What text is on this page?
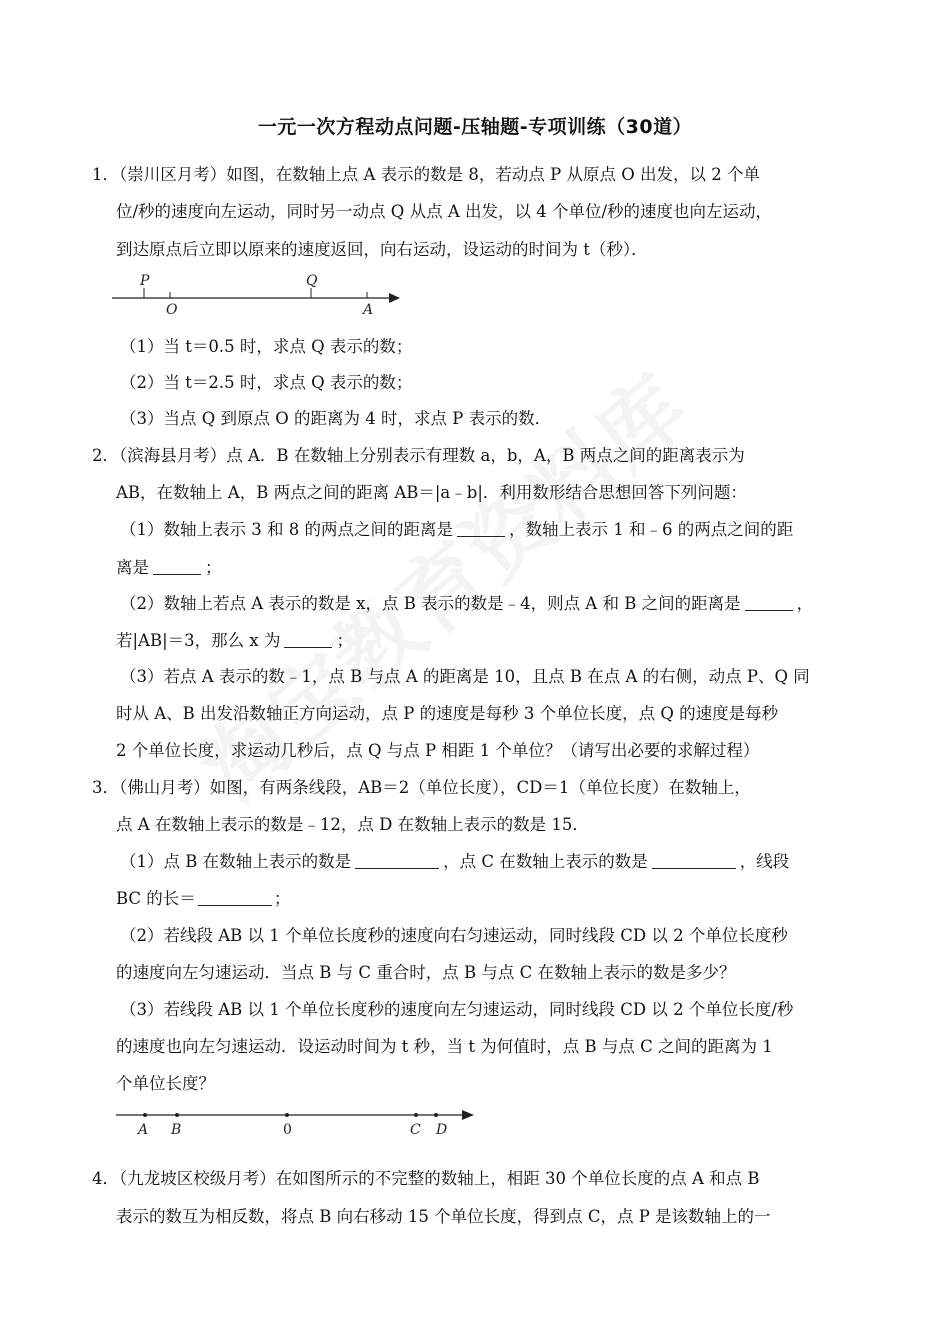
一元一次方程动点问题-压轴题-专项训练（30道）
1．（崇川区月考）如图，在数轴上点 A 表示的数是 8，若动点 P 从原点 O 出发，以 2 个单
位/秒的速度向左运动，同时另一动点 Q 从点 A 出发，以 4 个单位/秒的速度也向左运动，
到达原点后立即以原来的速度返回，向右运动，设运动的时间为 t（秒）．
P
O
Q
A
（1）当 t＝0.5 时，求点 Q 表示的数；
（2）当 t＝2.5 时，求点 Q 表示的数；
（3）当点 Q 到原点 O 的距离为 4 时，求点 P 表示的数．
2．（滨海县月考）点 A．B 在数轴上分别表示有理数 a，b，A，B 两点之间的距离表示为
AB，在数轴上 A，B 两点之间的距离 AB＝|a﹣b|．利用数形结合思想回答下列问题：
（1）数轴上表示 3 和 8 的两点之间的距离是	，数轴上表示 1 和﹣6 的两点之间的距
离是	；
（2）数轴上若点 A 表示的数是 x，点 B 表示的数是﹣4，则点 A 和 B 之间的距离是	，
若|AB|＝3，那么 x 为	；
（3）若点 A 表示的数﹣1，点 B 与点 A 的距离是 10，且点 B 在点 A 的右侧，动点 P、Q 同
时从 A、B 出发沿数轴正方向运动，点 P 的速度是每秒 3 个单位长度，点 Q 的速度是每秒
2 个单位长度，求运动几秒后，点 Q 与点 P 相距 1 个单位？（请写出必要的求解过程）
3．（佛山月考）如图，有两条线段，AB＝2（单位长度），CD＝1（单位长度）在数轴上，
点 A 在数轴上表示的数是﹣12，点 D 在数轴上表示的数是 15．
（1）点 B 在数轴上表示的数是	，点 C 在数轴上表示的数是	，线段
BC 的长＝	；
（2）若线段 AB 以 1 个单位长度秒的速度向右匀速运动，同时线段 CD 以 2 个单位长度秒
的速度向左匀速运动．当点 B 与 C 重合时，点 B 与点 C 在数轴上表示的数是多少？
（3）若线段 AB 以 1 个单位长度秒的速度向左匀速运动，同时线段 CD 以 2 个单位长度/秒
的速度也向左匀速运动．设运动时间为 t 秒，当 t 为何值时，点 B 与点 C 之间的距离为 1
个单位长度？
A B	0	C D
4．（九龙坡区校级月考）在如图所示的不完整的数轴上，相距 30 个单位长度的点 A 和点 B
表示的数互为相反数，将点 B 向右移动 15 个单位长度，得到点 C，点 P 是该数轴上的一
